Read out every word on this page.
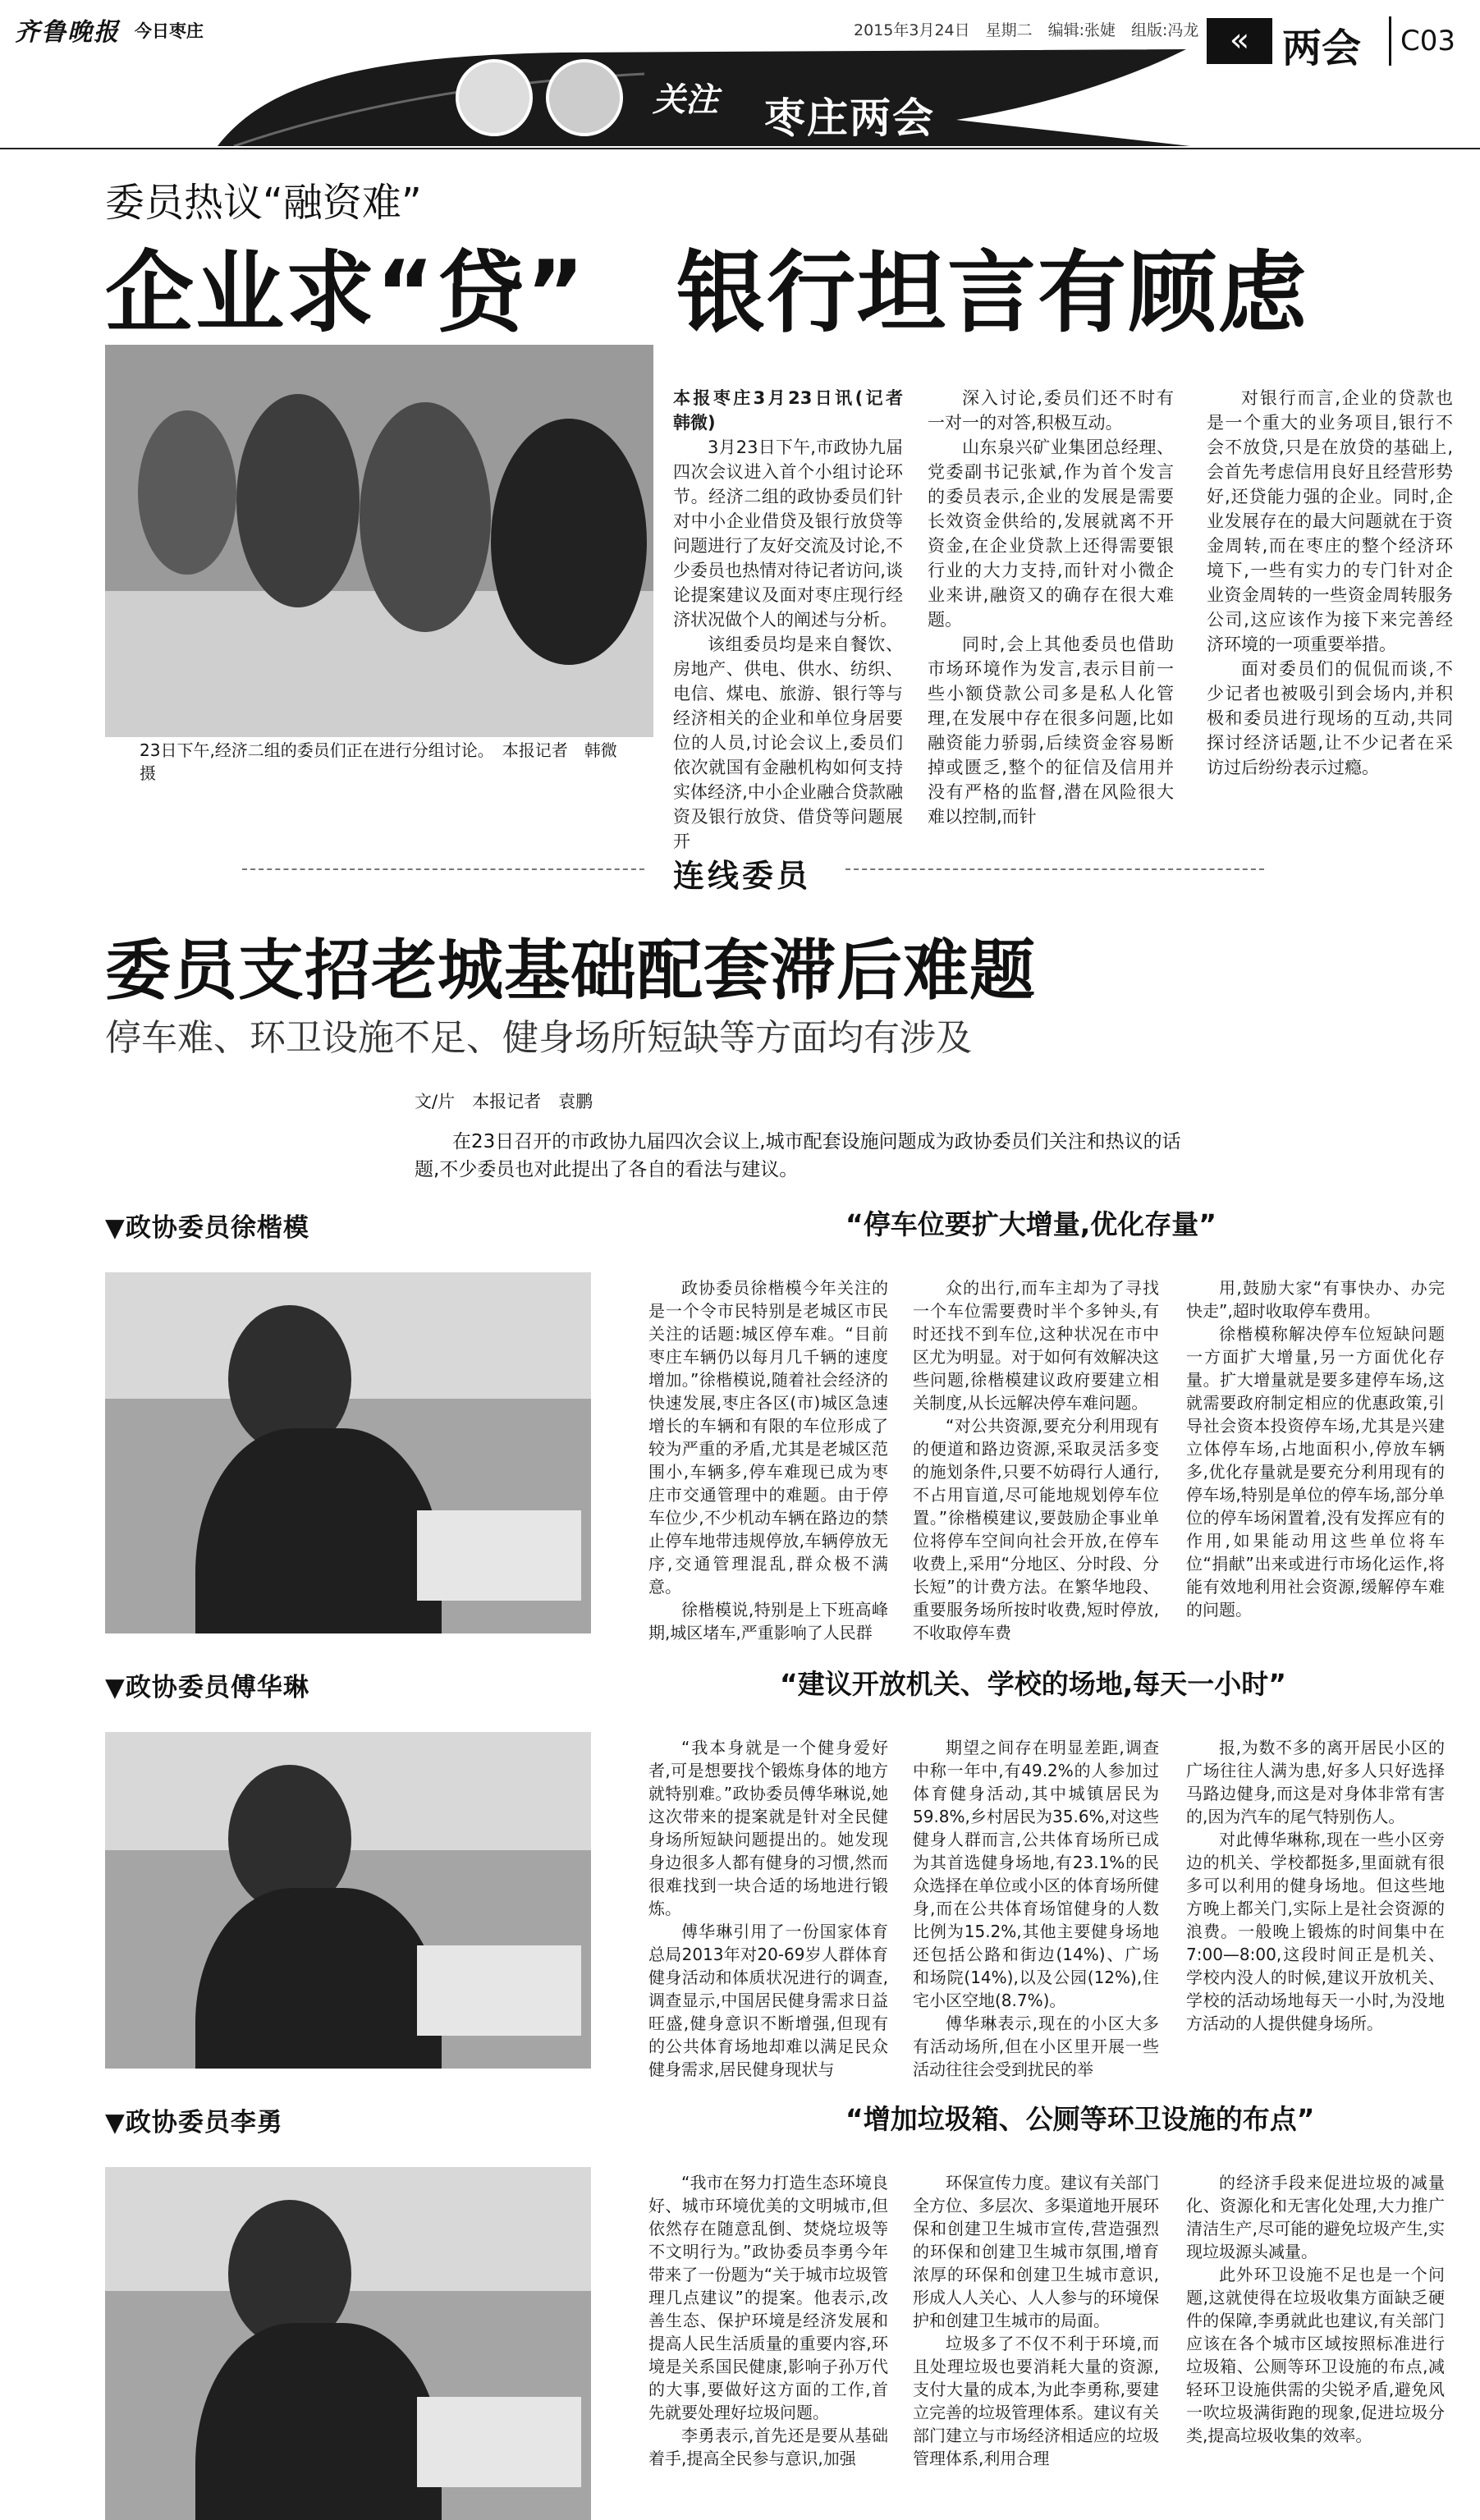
齐鲁晚报 今日枣庄	2015年3月24日　星期二　编辑:张婕　组版:冯龙 « 两会 C03
关注 枣庄两会
委员热议“融资难”
企业求“贷”　银行坦言有顾虑
23日下午,经济二组的委员们正在进行分组讨论。　本报记者　韩微　摄
本报枣庄3月23日讯(记者　韩微)

3月23日下午,市政协九届四次会议进入首个小组讨论环节。经济二组的政协委员们针对中小企业借贷及银行放贷等问题进行了友好交流及讨论,不少委员也热情对待记者访问,谈论提案建议及面对枣庄现行经济状况做个人的阐述与分析。

该组委员均是来自餐饮、房地产、供电、供水、纺织、电信、煤电、旅游、银行等与经济相关的企业和单位身居要位的人员,讨论会议上,委员们依次就国有金融机构如何支持实体经济,中小企业融合贷款融资及银行放贷、借贷等问题展开

深入讨论,委员们还不时有一对一的对答,积极互动。

山东泉兴矿业集团总经理、党委副书记张斌,作为首个发言的委员表示,企业的发展是需要长效资金供给的,发展就离不开资金,在企业贷款上还得需要银行业的大力支持,而针对小微企业来讲,融资又的确存在很大难题。

同时,会上其他委员也借助市场环境作为发言,表示目前一些小额贷款公司多是私人化管理,在发展中存在很多问题,比如融资能力骄弱,后续资金容易断掉或匮乏,整个的征信及信用并没有严格的监督,潜在风险很大难以控制,而针

对银行而言,企业的贷款也是一个重大的业务项目,银行不会不放贷,只是在放贷的基础上,会首先考虑信用良好且经营形势好,还贷能力强的企业。同时,企业发展存在的最大问题就在于资金周转,而在枣庄的整个经济环境下,一些有实力的专门针对企业资金周转的一些资金周转服务公司,这应该作为接下来完善经济环境的一项重要举措。

面对委员们的侃侃而谈,不少记者也被吸引到会场内,并积极和委员进行现场的互动,共同探讨经济话题,让不少记者在采访过后纷纷表示过瘾。

连线委员
委员支招老城基础配套滞后难题
停车难、环卫设施不足、健身场所短缺等方面均有涉及
文/片　本报记者　袁鹏
在23日召开的市政协九届四次会议上,城市配套设施问题成为政协委员们关注和热议的话题,不少委员也对此提出了各自的看法与建议。
▼政协委员徐楷模	“停车位要扩大增量,优化存量”

政协委员徐楷模今年关注的是一个令市民特别是老城区市民关注的话题:城区停车难。“目前枣庄车辆仍以每月几千辆的速度增加。”徐楷模说,随着社会经济的快速发展,枣庄各区(市)城区急速增长的车辆和有限的车位形成了较为严重的矛盾,尤其是老城区范围小,车辆多,停车难现已成为枣庄市交通管理中的难题。由于停车位少,不少机动车辆在路边的禁止停车地带违规停放,车辆停放无序,交通管理混乱,群众极不满意。

徐楷模说,特别是上下班高峰期,城区堵车,严重影响了人民群

众的出行,而车主却为了寻找一个车位需要费时半个多钟头,有时还找不到车位,这种状况在市中区尤为明显。对于如何有效解决这些问题,徐楷模建议政府要建立相关制度,从长远解决停车难问题。

“对公共资源,要充分利用现有的便道和路边资源,采取灵活多变的施划条件,只要不妨碍行人通行,不占用盲道,尽可能地规划停车位置。”徐楷模建议,要鼓励企事业单位将停车空间向社会开放,在停车收费上,采用“分地区、分时段、分长短”的计费方法。在繁华地段、重要服务场所按时收费,短时停放,不收取停车费

用,鼓励大家“有事快办、办完快走”,超时收取停车费用。

徐楷模称解决停车位短缺问题一方面扩大增量,另一方面优化存量。扩大增量就是要多建停车场,这就需要政府制定相应的优惠政策,引导社会资本投资停车场,尤其是兴建立体停车场,占地面积小,停放车辆多,优化存量就是要充分利用现有的停车场,特别是单位的停车场,部分单位的停车场闲置着,没有发挥应有的作用,如果能动用这些单位将车位“捐献”出来或进行市场化运作,将能有效地利用社会资源,缓解停车难的问题。

▼政协委员傅华琳	“建议开放机关、学校的场地,每天一小时”

“我本身就是一个健身爱好者,可是想要找个锻炼身体的地方就特别难。”政协委员傅华琳说,她这次带来的提案就是针对全民健身场所短缺问题提出的。她发现身边很多人都有健身的习惯,然而很难找到一块合适的场地进行锻炼。

傅华琳引用了一份国家体育总局2013年对20-69岁人群体育健身活动和体质状况进行的调查,调查显示,中国居民健身需求日益旺盛,健身意识不断增强,但现有的公共体育场地却难以满足民众健身需求,居民健身现状与

期望之间存在明显差距,调查中称一年中,有49.2%的人参加过体育健身活动,其中城镇居民为59.8%,乡村居民为35.6%,对这些健身人群而言,公共体育场所已成为其首选健身场地,有23.1%的民众选择在单位或小区的体育场所健身,而在公共体育场馆健身的人数比例为15.2%,其他主要健身场地还包括公路和街边(14%)、广场和场院(14%),以及公园(12%),住宅小区空地(8.7%)。

傅华琳表示,现在的小区大多有活动场所,但在小区里开展一些活动往往会受到扰民的举

报,为数不多的离开居民小区的广场往往人满为患,好多人只好选择马路边健身,而这是对身体非常有害的,因为汽车的尾气特别伤人。

对此傅华琳称,现在一些小区旁边的机关、学校都挺多,里面就有很多可以利用的健身场地。但这些地方晚上都关门,实际上是社会资源的浪费。一般晚上锻炼的时间集中在7:00—8:00,这段时间正是机关、学校内没人的时候,建议开放机关、学校的活动场地每天一小时,为没地方活动的人提供健身场所。

▼政协委员李勇	“增加垃圾箱、公厕等环卫设施的布点”

“我市在努力打造生态环境良好、城市环境优美的文明城市,但依然存在随意乱倒、焚烧垃圾等不文明行为。”政协委员李勇今年带来了一份题为“关于城市垃圾管理几点建议”的提案。他表示,改善生态、保护环境是经济发展和提高人民生活质量的重要内容,环境是关系国民健康,影响子孙万代的大事,要做好这方面的工作,首先就要处理好垃圾问题。

李勇表示,首先还是要从基础着手,提高全民参与意识,加强

环保宣传力度。建议有关部门全方位、多层次、多渠道地开展环保和创建卫生城市宣传,营造强烈的环保和创建卫生城市氛围,增育浓厚的环保和创建卫生城市意识,形成人人关心、人人参与的环境保护和创建卫生城市的局面。

垃圾多了不仅不利于环境,而且处理垃圾也要消耗大量的资源,支付大量的成本,为此李勇称,要建立完善的垃圾管理体系。建议有关部门建立与市场经济相适应的垃圾管理体系,利用合理

的经济手段来促进垃圾的减量化、资源化和无害化处理,大力推广清洁生产,尽可能的避免垃圾产生,实现垃圾源头减量。

此外环卫设施不足也是一个问题,这就使得在垃圾收集方面缺乏硬件的保障,李勇就此也建议,有关部门应该在各个城市区域按照标准进行垃圾箱、公厕等环卫设施的布点,减轻环卫设施供需的尖锐矛盾,避免风一吹垃圾满街跑的现象,促进垃圾分类,提高垃圾收集的效率。
